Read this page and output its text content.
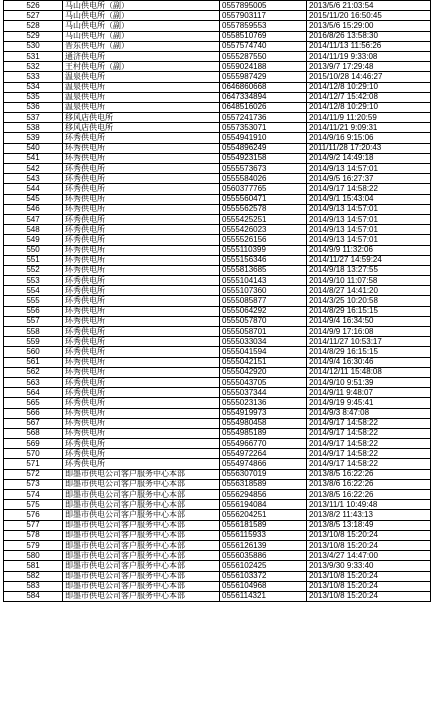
526	马山供电所（副）	0557895005	2013/5/6 21:03:54
527	马山供电所（副）	0557903117	2015/11/20 16:50:45
528	马山供电所（副）	0557859553	2013/5/6 15:29:00
529	马山供电所（副）	0558510769	2016/8/26 13:58:30
530	晋东供电所（副）	0557574740	2014/11/13 11:56:26
531	通济供电所	0555287550	2014/11/19 9:33:08
532	王村供电所（副）	0559024188	2013/9/7 17:29:48
533	温泉供电所	0555987429	2015/10/28 14:46:27
534	温泉供电所	0646860668	2014/12/8 10:29:10
535	温泉供电所	0647334894	2014/12/7 15:42:08
536	温泉供电所	0648516026	2014/12/8 10:29:10
537	移风店供电所	0557241736	2014/11/9 11:20:59
538	移风店供电所	0557353071	2014/11/21 9:09:31
539	环秀供电所	0554941910	2014/9/16 9:15:06
540	环秀供电所	0554896249	2011/11/28 17:20:43
541	环秀供电所	0554923158	2014/9/2 14:49:18
542	环秀供电所	0555573673	2014/9/13 14:57:01
543	环秀供电所	0555584026	2014/9/5 16:27:37
544	环秀供电所	0560377765	2014/9/17 14:58:22
545	环秀供电所	0555560471	2014/9/1 15:43:04
546	环秀供电所	0555562578	2014/9/13 14:57:01
547	环秀供电所	0555425251	2014/9/13 14:57:01
548	环秀供电所	0555426023	2014/9/13 14:57:01
549	环秀供电所	0555526156	2014/9/13 14:57:01
550	环秀供电所	0555110399	2014/9/9 11:32:06
551	环秀供电所	0555156346	2014/11/27 14:59:24
552	环秀供电所	0555813685	2014/9/18 13:27:55
553	环秀供电所	0555104143	2014/9/10 11:07:58
554	环秀供电所	0555107360	2014/8/27 14:41:20
555	环秀供电所	0555085877	2014/3/25 10:20:58
556	环秀供电所	0555064292	2014/8/29 16:15:15
557	环秀供电所	0555057870	2014/9/4 16:34:50
558	环秀供电所	0555058701	2014/9/9 17:16:08
559	环秀供电所	0555033034	2014/11/27 10:53:17
560	环秀供电所	0555041594	2014/8/29 16:15:15
561	环秀供电所	0555042151	2014/9/4 16:30:46
562	环秀供电所	0555042920	2014/12/11 15:48:08
563	环秀供电所	0555043705	2014/9/10 9:51:39
564	环秀供电所	0555037344	2014/9/11 9:48:07
565	环秀供电所	0555023136	2014/9/19 9:45:41
566	环秀供电所	0554919973	2014/9/3 8:47:08
567	环秀供电所	0554980458	2014/9/17 14:58:22
568	环秀供电所	0554985189	2014/9/17 14:58:22
569	环秀供电所	0554966770	2014/9/17 14:58:22
570	环秀供电所	0554972264	2014/9/17 14:58:22
571	环秀供电所	0554974866	2014/9/17 14:58:22
572	即墨市供电公司客户服务中心本部	0556307019	2013/8/5 16:22:26
573	即墨市供电公司客户服务中心本部	0556318589	2013/8/6 16:22:26
574	即墨市供电公司客户服务中心本部	0556294856	2013/8/5 16:22:26
575	即墨市供电公司客户服务中心本部	0556194084	2013/11/1 10:49:48
576	即墨市供电公司客户服务中心本部	0556204251	2013/8/2 11:43:13
577	即墨市供电公司客户服务中心本部	0556181589	2013/8/5 13:18:49
578	即墨市供电公司客户服务中心本部	0556115933	2013/10/8 15:20:24
579	即墨市供电公司客户服务中心本部	0556126139	2013/10/8 15:20:24
580	即墨市供电公司客户服务中心本部	0556035886	2013/4/27 14:47:00
581	即墨市供电公司客户服务中心本部	0556102425	2013/9/30 9:33:40
582	即墨市供电公司客户服务中心本部	0556103372	2013/10/8 15:20:24
583	即墨市供电公司客户服务中心本部	0556104968	2013/10/8 15:20:24
584	即墨市供电公司客户服务中心本部	0556114321	2013/10/8 15:20:24
